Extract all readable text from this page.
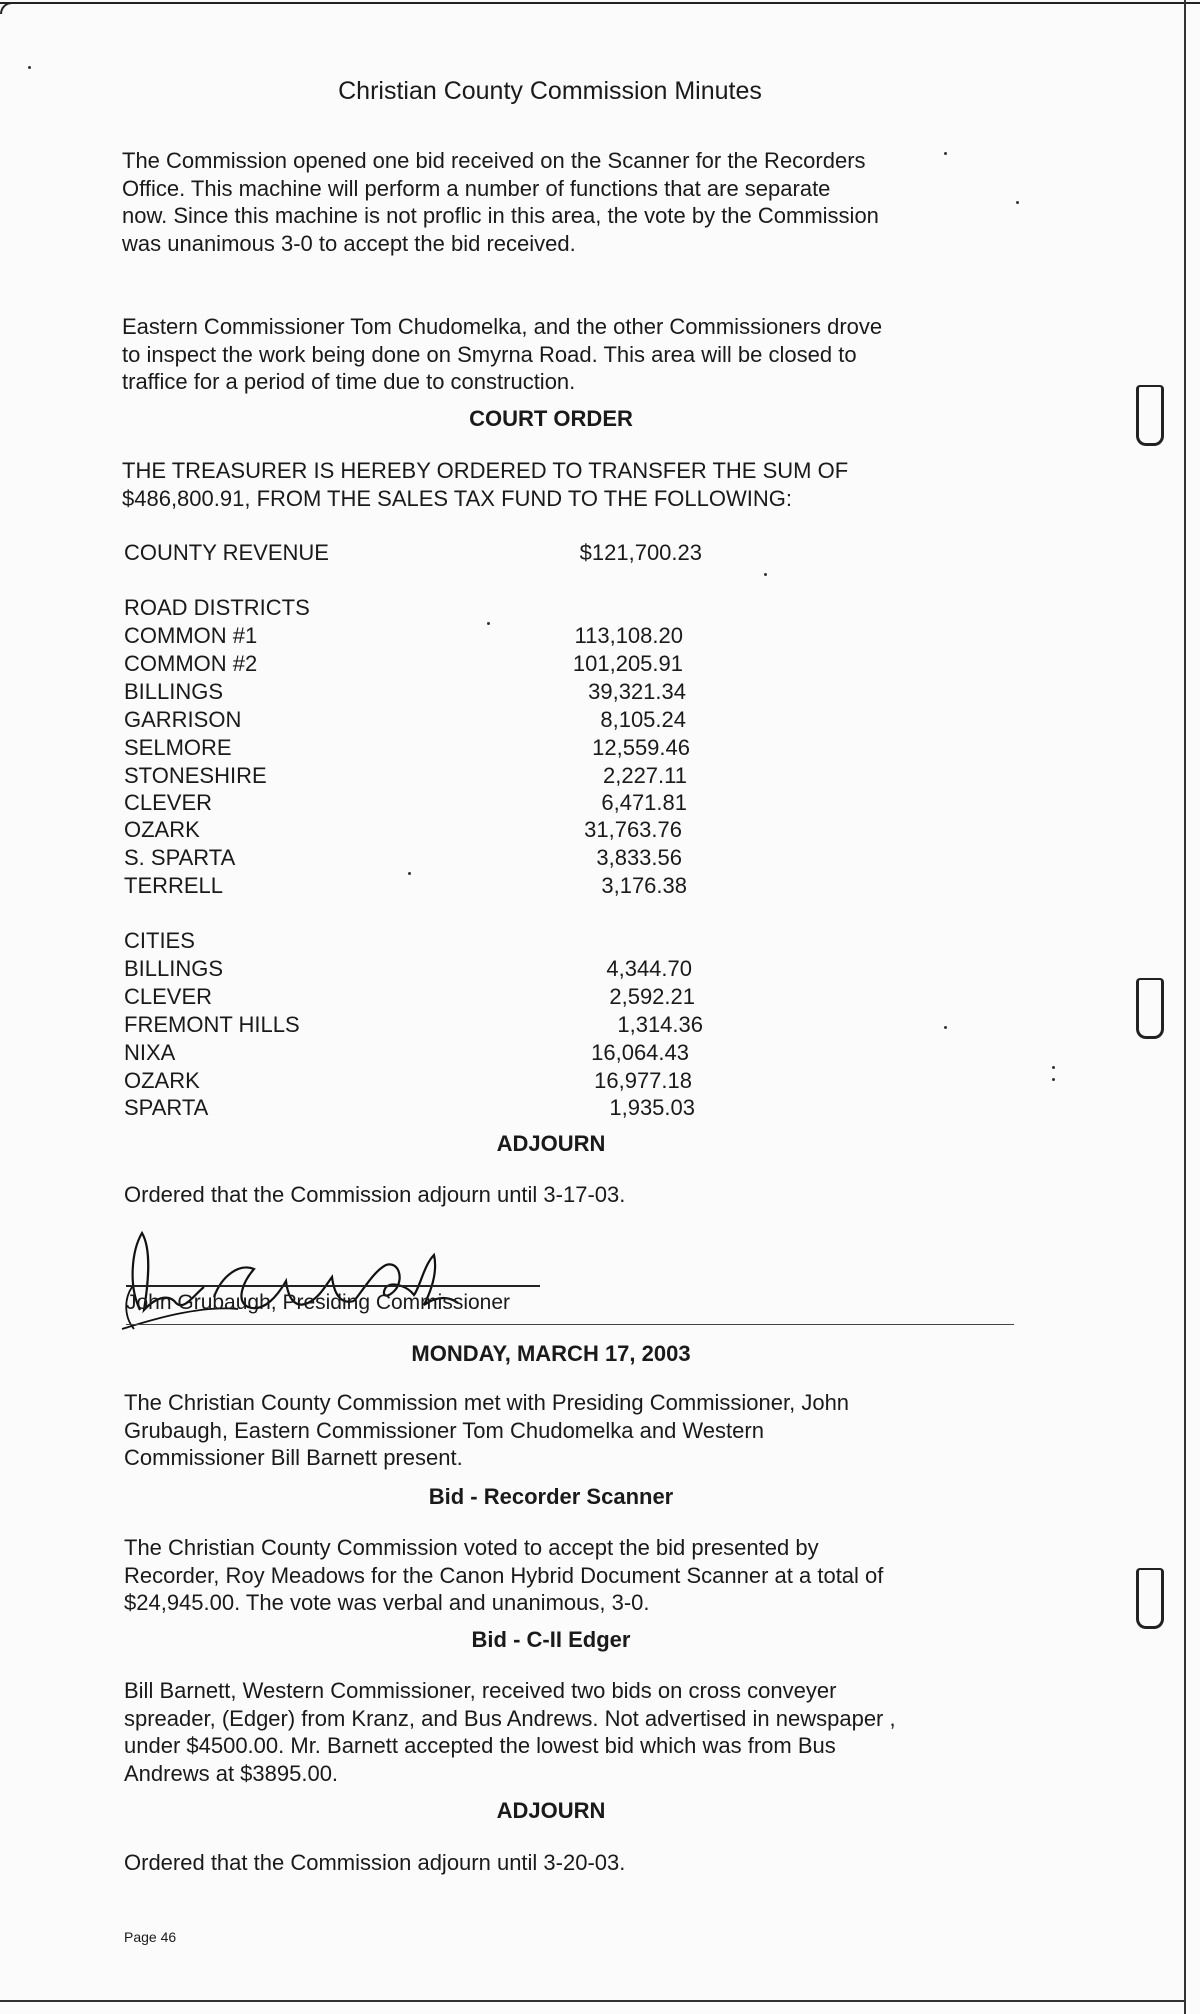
Christian County Commission Minutes
The Commission opened one bid received on the Scanner for the Recorders
Office. This machine will perform a number of functions that are separate
now. Since this machine is not proflic in this area, the vote by the Commission
was unanimous 3-0 to accept the bid received.
Eastern Commissioner Tom Chudomelka, and the other Commissioners drove
to inspect the work being done on Smyrna Road. This area will be closed to
traffice for a period of time due to construction.
COURT ORDER
THE TREASURER IS HEREBY ORDERED TO TRANSFER THE SUM OF
$486,800.91, FROM THE SALES TAX FUND TO THE FOLLOWING:
COUNTY REVENUE	$121,700.23
ROAD DISTRICTS
COMMON #1	113,108.20
COMMON #2	101,205.91
BILLINGS	39,321.34
GARRISON	8,105.24
SELMORE	12,559.46
STONESHIRE	2,227.11
CLEVER	6,471.81
OZARK	31,763.76
S. SPARTA	3,833.56
TERRELL	3,176.38
CITIES
BILLINGS	4,344.70
CLEVER	2,592.21
FREMONT HILLS	1,314.36
NIXA	16,064.43
OZARK	16,977.18
SPARTA	1,935.03
ADJOURN
Ordered that the Commission adjourn until 3-17-03.
John Grubaugh, Presiding Commissioner
MONDAY, MARCH 17, 2003
The Christian County Commission met with Presiding Commissioner, John
Grubaugh, Eastern Commissioner Tom Chudomelka and Western
Commissioner Bill Barnett present.
Bid - Recorder Scanner
The Christian County Commission voted to accept the bid presented by
Recorder, Roy Meadows for the Canon Hybrid Document Scanner at a total of
$24,945.00. The vote was verbal and unanimous, 3-0.
Bid - C-II Edger
Bill Barnett, Western Commissioner, received two bids on cross conveyer
spreader, (Edger) from Kranz, and Bus Andrews. Not advertised in newspaper ,
under $4500.00. Mr. Barnett accepted the lowest bid which was from Bus
Andrews at $3895.00.
ADJOURN
Ordered that the Commission adjourn until 3-20-03.
Page 46
